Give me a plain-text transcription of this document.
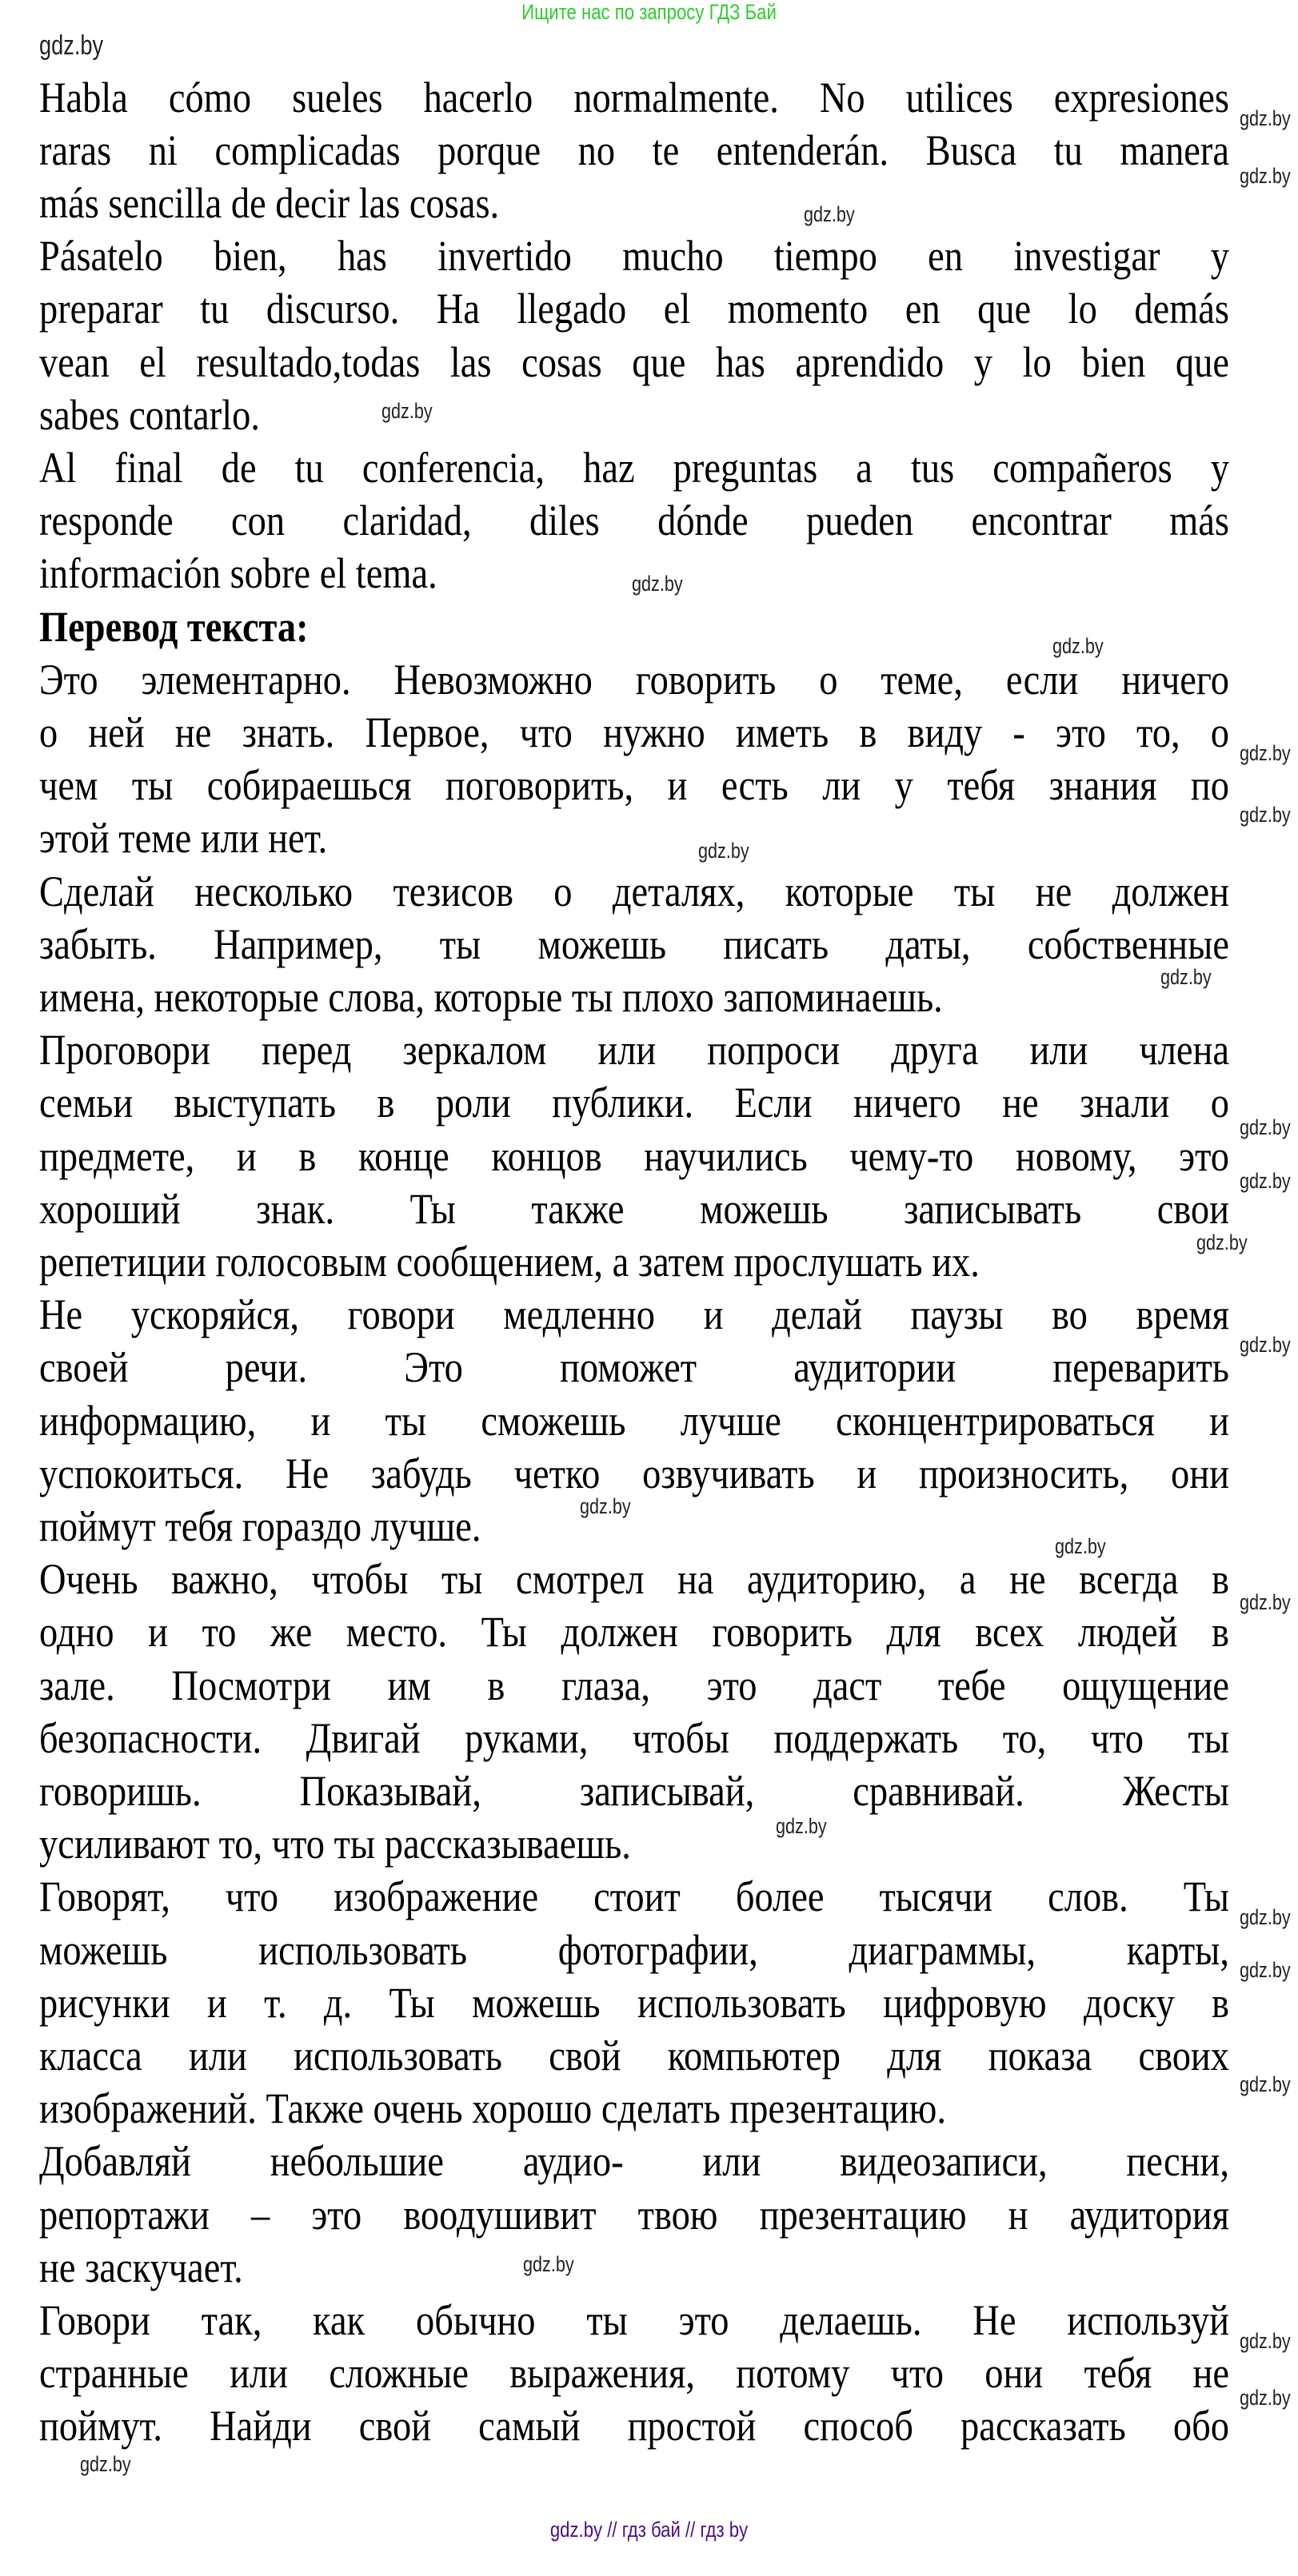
Ищите нас по запросу ГДЗ Бай
Habla cómo sueles hacerlo normalmente. No utilices expresiones
raras ni complicadas porque no te entenderán. Busca tu manera
más sencilla de decir las cosas.
Pásatelo bien, has invertido mucho tiempo en investigar y
preparar tu discurso. Ha llegado el momento en que lo demás
vean el resultado,todas las cosas que has aprendido y lo bien que
sabes contarlo.
Al final de tu conferencia, haz preguntas a tus compañeros y
responde con claridad, diles dónde pueden encontrar más
información sobre el tema.
Перевод текста:
Это элементарно. Невозможно говорить о теме, если ничего
о ней не знать. Первое, что нужно иметь в виду - это то, о
чем ты собираешься поговорить, и есть ли у тебя знания по
этой теме или нет.
Сделай несколько тезисов о деталях, которые ты не должен
забыть. Например, ты можешь писать даты, собственные
имена, некоторые слова, которые ты плохо запоминаешь.
Проговори перед зеркалом или попроси друга или члена
семьи выступать в роли публики. Если ничего не знали о
предмете, и в конце концов научились чему-то новому, это
хороший знак. Ты также можешь записывать свои
репетиции голосовым сообщением, а затем прослушать их.
Не ускоряйся, говори медленно и делай паузы во время
своей речи. Это поможет аудитории переварить
информацию, и ты сможешь лучше сконцентрироваться и
успокоиться. Не забудь четко озвучивать и произносить, они
поймут тебя гораздо лучше.
Очень важно, чтобы ты смотрел на аудиторию, а не всегда в
одно и то же место. Ты должен говорить для всех людей в
зале. Посмотри им в глаза, это даст тебе ощущение
безопасности. Двигай руками, чтобы поддержать то, что ты
говоришь. Показывай, записывай, сравнивай. Жесты
усиливают то, что ты рассказываешь.
Говорят, что изображение стоит более тысячи слов. Ты
можешь использовать фотографии, диаграммы, карты,
рисунки и т. д. Ты можешь использовать цифровую доску в
класса или использовать свой компьютер для показа своих
изображений. Также очень хорошо сделать презентацию.
Добавляй небольшие аудио- или видеозаписи, песни,
репортажи – это воодушивит твою презентацию н аудитория
не заскучает.
Говори так, как обычно ты это делаешь. Не используй
странные или сложные выражения, потому что они тебя не
поймут. Найди свой самый простой способ рассказать обо
gdz.by
gdz.by
gdz.by
gdz.by
gdz.by
gdz.by
gdz.by
gdz.by
gdz.by
gdz.by
gdz.by
gdz.by
gdz.by
gdz.by
gdz.by
gdz.by
gdz.by
gdz.by
gdz.by
gdz.by
gdz.by
gdz.by
gdz.by
gdz.by
gdz.by
gdz.by
gdz.by // гдз бай // гдз by
